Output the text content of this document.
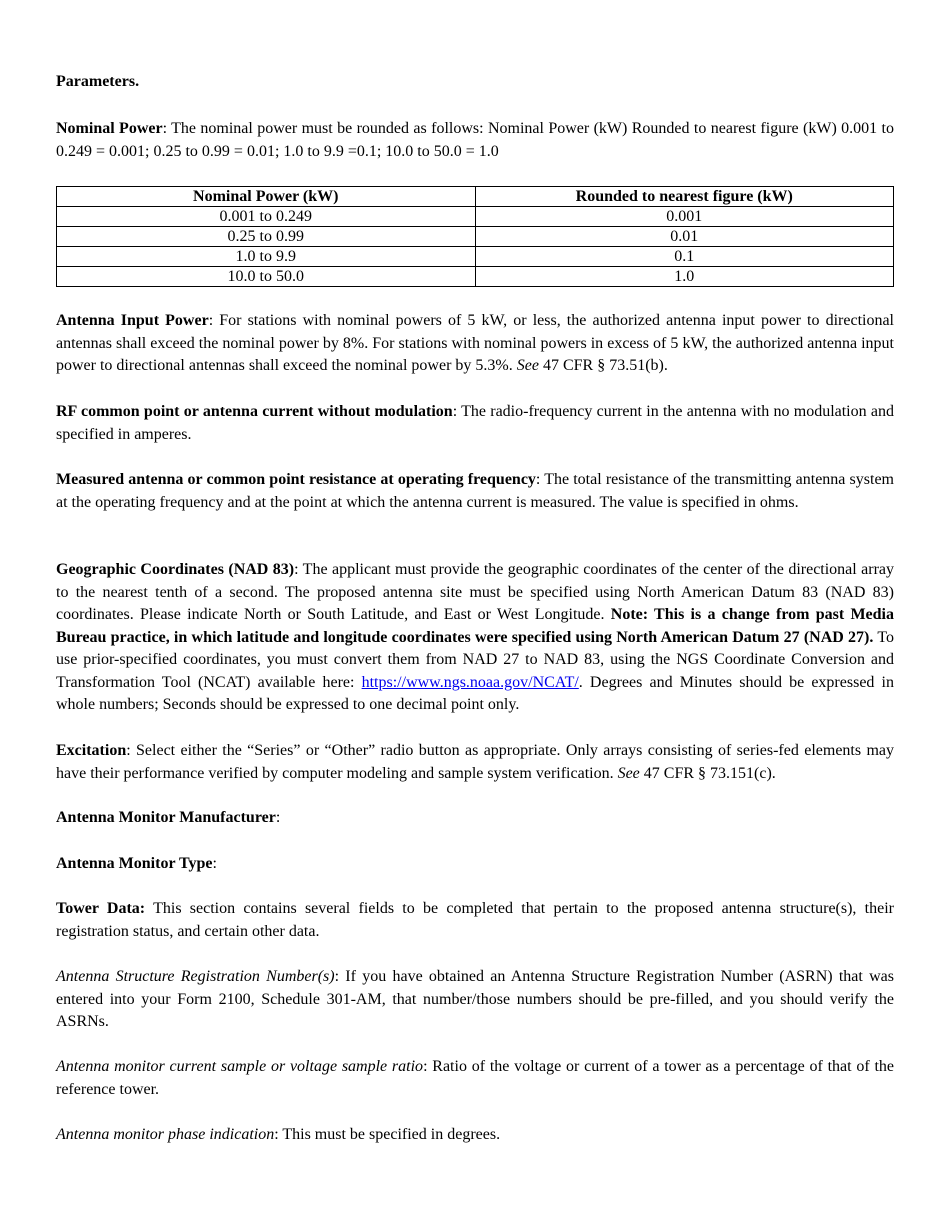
Parameters.

Nominal Power: The nominal power must be rounded as follows: Nominal Power (kW) Rounded to nearest figure (kW) 0.001 to 0.249 = 0.001; 0.25 to 0.99 = 0.01; 1.0 to 9.9 =0.1; 10.0 to 50.0 = 1.0

Nominal Power (kW)	Rounded to nearest figure (kW)
0.001 to 0.249	0.001
0.25 to 0.99	0.01
1.0 to 9.9	0.1
10.0 to 50.0	1.0

Antenna Input Power: For stations with nominal powers of 5 kW, or less, the authorized antenna input power to directional antennas shall exceed the nominal power by 8%. For stations with nominal powers in excess of 5 kW, the authorized antenna input power to directional antennas shall exceed the nominal power by 5.3%. See 47 CFR § 73.51(b).

RF common point or antenna current without modulation: The radio-frequency current in the antenna with no modulation and specified in amperes.

Measured antenna or common point resistance at operating frequency: The total resistance of the transmitting antenna system at the operating frequency and at the point at which the antenna current is measured. The value is specified in ohms.

Geographic Coordinates (NAD 83): The applicant must provide the geographic coordinates of the center of the directional array to the nearest tenth of a second. The proposed antenna site must be specified using North American Datum 83 (NAD 83) coordinates. Please indicate North or South Latitude, and East or West Longitude. Note: This is a change from past Media Bureau practice, in which latitude and longitude coordinates were specified using North American Datum 27 (NAD 27). To use prior-specified coordinates, you must convert them from NAD 27 to NAD 83, using the NGS Coordinate Conversion and Transformation Tool (NCAT) available here: https://www.ngs.noaa.gov/NCAT/. Degrees and Minutes should be expressed in whole numbers; Seconds should be expressed to one decimal point only.

Excitation: Select either the “Series” or “Other” radio button as appropriate. Only arrays consisting of series-fed elements may have their performance verified by computer modeling and sample system verification. See 47 CFR § 73.151(c).

Antenna Monitor Manufacturer:

Antenna Monitor Type:

Tower Data: This section contains several fields to be completed that pertain to the proposed antenna structure(s), their registration status, and certain other data.

Antenna Structure Registration Number(s): If you have obtained an Antenna Structure Registration Number (ASRN) that was entered into your Form 2100, Schedule 301-AM, that number/those numbers should be pre-filled, and you should verify the ASRNs.

Antenna monitor current sample or voltage sample ratio: Ratio of the voltage or current of a tower as a percentage of that of the reference tower.

Antenna monitor phase indication: This must be specified in degrees.
